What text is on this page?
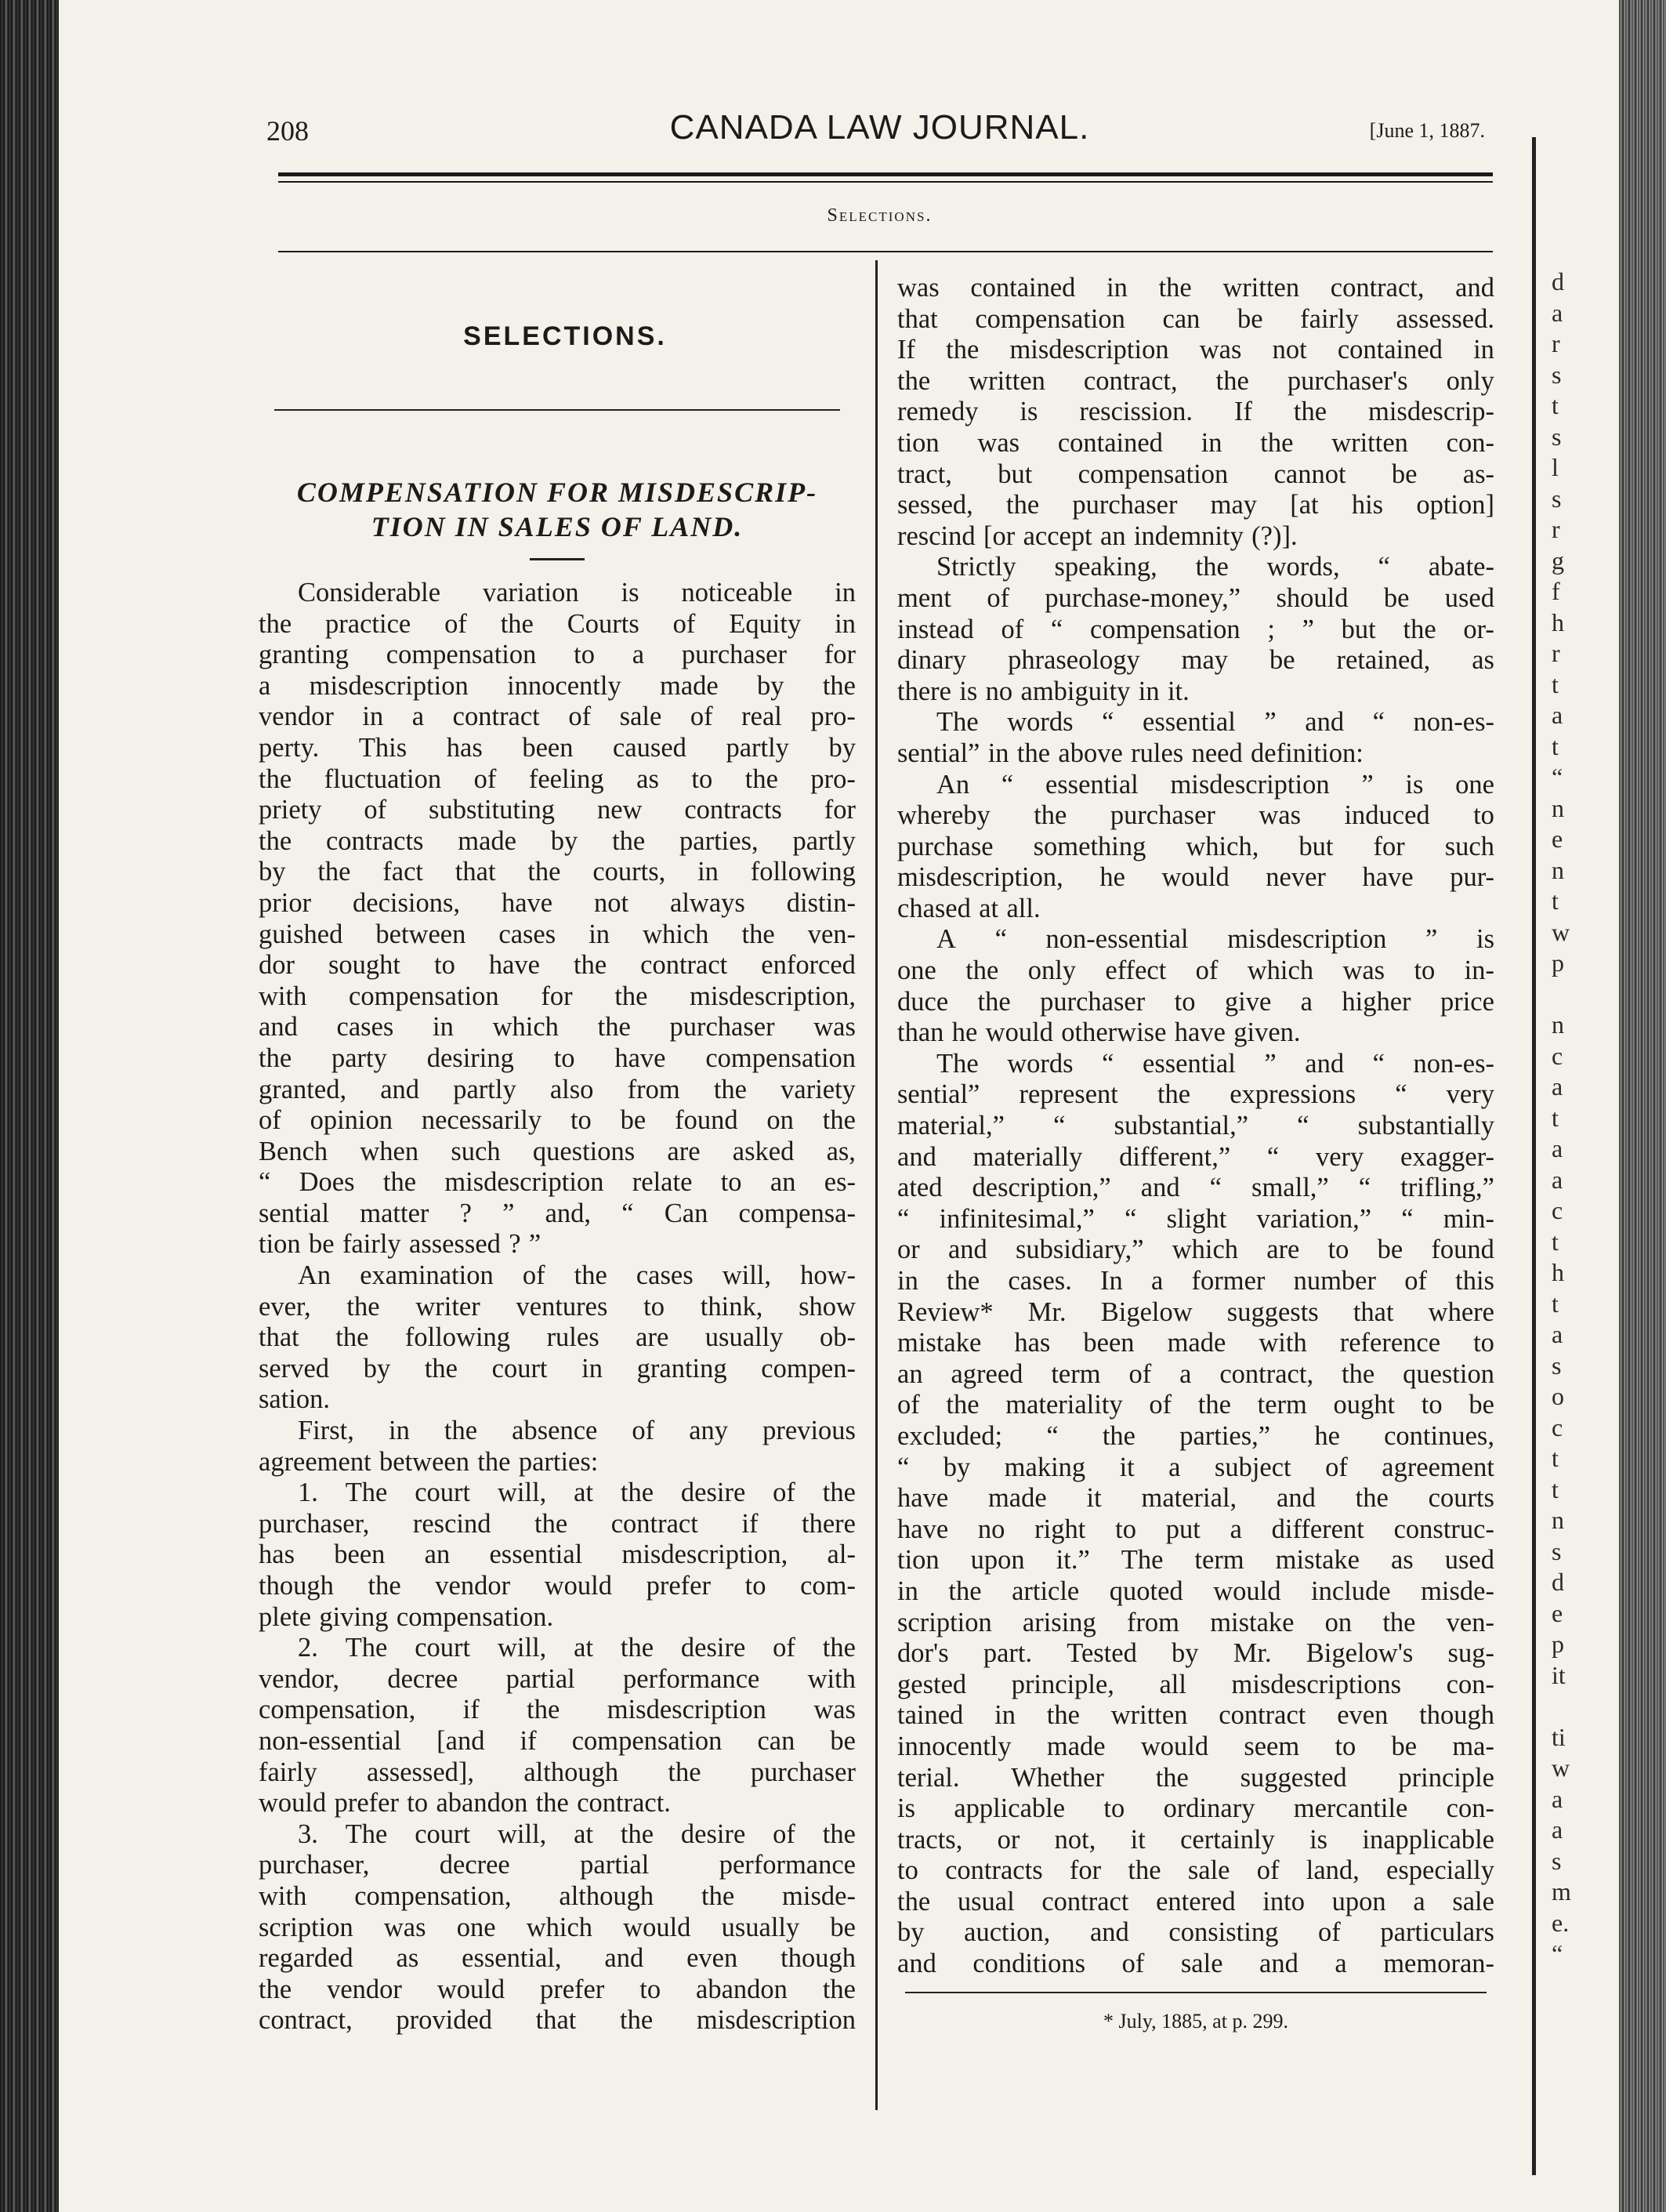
d
a
r
s
t
s
l
s
r
g
f
h
r
t
a
t
“
n
e
n
t
w
p
n
c
a
t
a
a
c
t
h
t
a
s
o
c
t
t
n
s
d
e
p
it
ti
w
a
a
s
m
e.
“
208	CANADA LAW JOURNAL.	[June 1, 1887.
Selections.
SELECTIONS.
COMPENSATION FOR MISDESCRIP-
TION IN SALES OF LAND.
Considerable variation is noticeable in
the practice of the Courts of Equity in
granting compensation to a purchaser for
a misdescription innocently made by the
vendor in a contract of sale of real pro-
perty. This has been caused partly by
the fluctuation of feeling as to the pro-
priety of substituting new contracts for
the contracts made by the parties, partly
by the fact that the courts, in following
prior decisions, have not always distin-
guished between cases in which the ven-
dor sought to have the contract enforced
with compensation for the misdescription,
and cases in which the purchaser was
the party desiring to have compensation
granted, and partly also from the variety
of opinion necessarily to be found on the
Bench when such questions are asked as,
“ Does the misdescription relate to an es-
sential matter ? ” and, “ Can compensa-
tion be fairly assessed ? ”
An examination of the cases will, how-
ever, the writer ventures to think, show
that the following rules are usually ob-
served by the court in granting compen-
sation.
First, in the absence of any previous
agreement between the parties:
1. The court will, at the desire of the
purchaser, rescind the contract if there
has been an essential misdescription, al-
though the vendor would prefer to com-
plete giving compensation.
2. The court will, at the desire of the
vendor, decree partial performance with
compensation, if the misdescription was
non-essential [and if compensation can be
fairly assessed], although the purchaser
would prefer to abandon the contract.
3. The court will, at the desire of the
purchaser,	decree	partial	performance
with compensation, although the misde-
scription was one which would usually be
regarded as essential, and even though
the vendor would prefer to abandon the
contract, provided that the misdescription
was contained in the written contract, and
that compensation can be fairly assessed.
If the misdescription was not contained in
the written contract, the purchaser's only
remedy is rescission. If the misdescrip-
tion was contained in the written con-
tract, but compensation cannot be as-
sessed, the purchaser may [at his option]
rescind [or accept an indemnity (?)].
Strictly speaking, the words, “ abate-
ment of purchase-money,” should be used
instead of “ compensation ; ” but the or-
dinary phraseology may be retained, as
there is no ambiguity in it.
The words “ essential ” and “ non-es-
sential” in the above rules need definition:
An “ essential misdescription ” is one
whereby the purchaser was induced to
purchase something which, but for such
misdescription, he would never have pur-
chased at all.
A “ non-essential misdescription ” is
one the only effect of which was to in-
duce the purchaser to give a higher price
than he would otherwise have given.
The words “ essential ” and “ non-es-
sential” represent the expressions “ very
material,” “ substantial,” “ substantially
and materially different,” “ very exagger-
ated description,” and “ small,” “ trifling,”
“ infinitesimal,” “ slight variation,” “ min-
or and subsidiary,” which are to be found
in the cases. In a former number of this
Review* Mr. Bigelow suggests that where
mistake has been made with reference to
an agreed term of a contract, the question
of the materiality of the term ought to be
excluded; “ the parties,” he continues,
“ by making it a subject of agreement
have made it material, and the courts
have no right to put a different construc-
tion upon it.” The term mistake as used
in the article quoted would include misde-
scription arising from mistake on the ven-
dor's part. Tested by Mr. Bigelow's sug-
gested principle, all misdescriptions con-
tained in the written contract even though
innocently made would seem to be ma-
terial. Whether the suggested principle
is applicable to ordinary mercantile con-
tracts, or not, it certainly is inapplicable
to contracts for the sale of land, especially
the usual contract entered into upon a sale
by auction, and consisting of particulars
and conditions of sale and a memoran-
* July, 1885, at p. 299.
